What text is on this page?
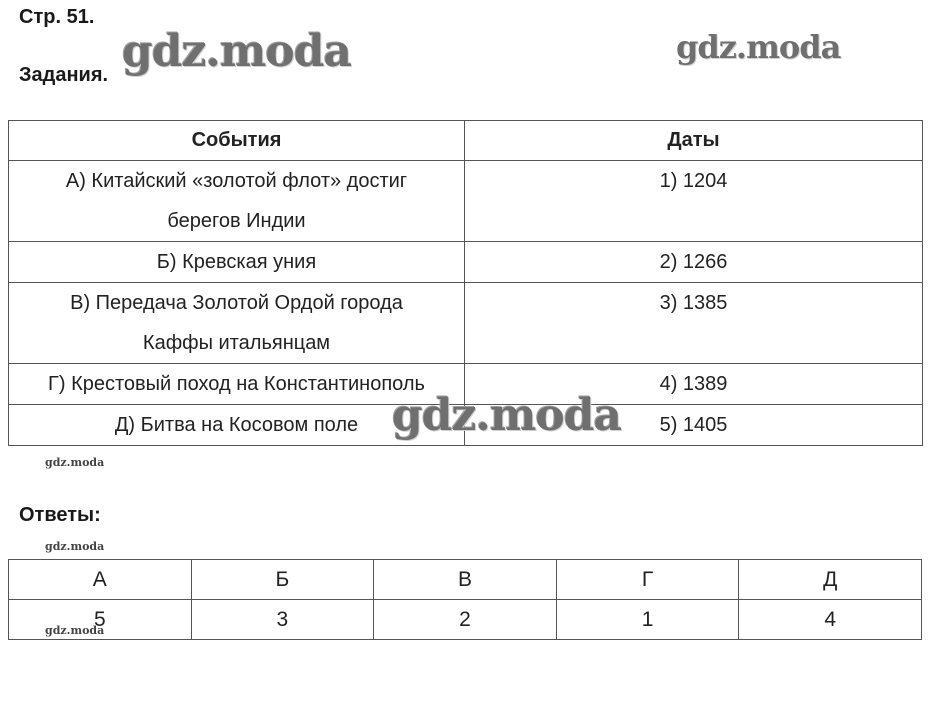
Стр. 51.
Задания. gdz.moda	gdz.moda
События	Даты

А) Китайский «золотой флот» достиг
берегов Индии	1) 1204

Б) Кревская уния	2) 1266

В) Передача Золотой Ордой города
Каффы итальянцам	3) 1385

Г) Крестовый поход на Константинополь	4) 1389

Д) Битва на Косовом поле	5) 1405
gdz.moda
gdz.moda
Ответы:
gdz.moda
А	Б	В	Г	Д
5	3	2	1	4
gdz.moda
